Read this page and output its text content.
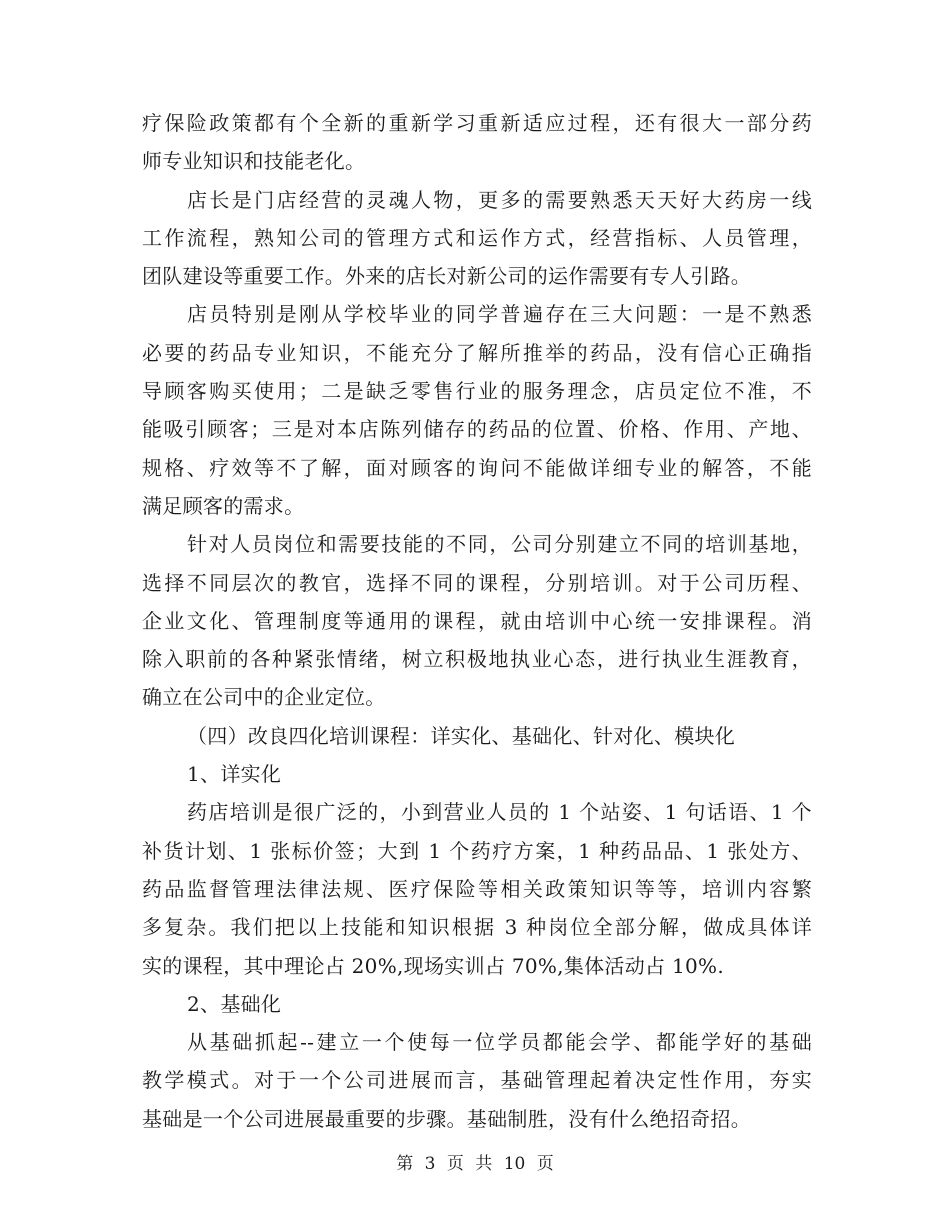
疗保险政策都有个全新的重新学习重新适应过程，还有很大一部分药
师专业知识和技能老化。
店长是门店经营的灵魂人物，更多的需要熟悉天天好大药房一线
工作流程，熟知公司的管理方式和运作方式，经营指标、人员管理，
团队建设等重要工作。外来的店长对新公司的运作需要有专人引路。
店员特别是刚从学校毕业的同学普遍存在三大问题：一是不熟悉
必要的药品专业知识，不能充分了解所推举的药品，没有信心正确指
导顾客购买使用；二是缺乏零售行业的服务理念，店员定位不准，不
能吸引顾客；三是对本店陈列储存的药品的位置、价格、作用、产地、
规格、疗效等不了解，面对顾客的询问不能做详细专业的解答，不能
满足顾客的需求。
针对人员岗位和需要技能的不同，公司分别建立不同的培训基地，
选择不同层次的教官，选择不同的课程，分别培训。对于公司历程、
企业文化、管理制度等通用的课程，就由培训中心统一安排课程。消
除入职前的各种紧张情绪，树立积极地执业心态，进行执业生涯教育，
确立在公司中的企业定位。
（四）改良四化培训课程：详实化、基础化、针对化、模块化
1、详实化
药店培训是很广泛的，小到营业人员的 1 个站姿、1 句话语、1 个
补货计划、1 张标价签；大到 1 个药疗方案，1 种药品品、1 张处方、
药品监督管理法律法规、医疗保险等相关政策知识等等，培训内容繁
多复杂。我们把以上技能和知识根据 3 种岗位全部分解，做成具体详
实的课程，其中理论占 20%,现场实训占 70%,集体活动占 10%.
2、基础化
从基础抓起--建立一个使每一位学员都能会学、都能学好的基础
教学模式。对于一个公司进展而言，基础管理起着决定性作用，夯实
基础是一个公司进展最重要的步骤。基础制胜，没有什么绝招奇招。
第 3 页 共 10 页
